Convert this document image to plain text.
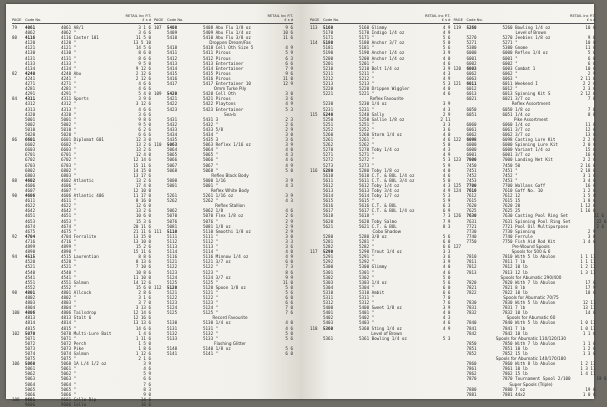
PAGE	Code No.
RETAIL Inc P.T.
£ s d
79	4061	4061 A8/1	3 1 6
4062	4062 "	3 6 6
80	4116	4116 Caster 101	11 5 0
4120	4120 "	13 5 10
4121	4121 "	14 5 6
4130	4130 "	8 6 0
4131	4131 "	8 6 6
4133	4133 "	9 5 0
4134	4134 "	9 12 6
82	4240	4240 Abu	2 12 6
4241	4241 "	2 12 6
4271	4271 "	4 6 6
4281	4281 "	4 6 6
4291	4291 "	5 4 0
84	4311	4311 Sports	3 9 6
4312	4312 "	3 12 6
4313	4313 "	4 6 6
4320	4320 "	3 6 6
5001	5001 "	9 8 6
5002	5002 "	9 5 0
5010	5010 "	6 2 6
5020	5020 "	6 6 6
86	6601	6601 Diplomat 601	12 3 0
6602	6602 "	13 2 6
6603	6603 "	13 2 6
6701	6701 "	12 4 0
6702	6702 "	12 14 6
6703	6703 "	15 11 6
6802	6802 "	14 15 0
6803	6803 "	13 17 6
88	4602	4602 Atlantic	13 2 6
4606	4606 "	17 4 0
4607	4607 "	12 10 0
90	4606	4606 Atlantic 406	11 17 0
4611	4611 "	8 16 0
4622	4622 "	12 6 0
4642	4642 "	13 2 6
4651	4651 "	10 6 0
4653	4653 "	15 3 6
4674	4674 "	20 11 6
4675	4675 "	21 11 6
92	4704	4704 Ferralite	13 15 0
4716	4716 "	13 10 0
4899	4899 "	15 2 6
4890	4890 "	15 11 6
94	4515	4515 Laurentian	8 8 6
4520	4520 "	8 13 6
4521	4521 "	7 10 6
4540	4540 "	10 8 6
4541	4541 "	11 10 0
4551	4551 Salmon	14 12 6
4552	4552 "	15 6 0
98	4801	4801 Allcock	2 8 6
4802	4802 "	3 1 6
4803	4803 "	3 7 0
4804	4804 "	3 13 6
100	4806	4806 Tailsdrop	12 14 6
4813	4813 Stalt 6	12 16 6
4814	4814 "	13 13 6
4815	4815 "	14 6 6
102	5070	5070 Multi-Lure Bait	1 4 6
5071	5071 "	1 11 6
5072	5072 Perch	1 5 0
5073	5073 Pike	1 8 6
5074	5074 Salmon	1 12 6
5075	5075 "	2 1 6
106	5060	5060 1A L/4 1/2 oz	3 9
5061	5061 "	4 6
5062	5062 "	5 9
5063	5063 "	6 6
5064	5064 "	7 6
5065	5065 "	8 3
5066	5066 "	9 0
108	9601	9601 Cello Dip	14 6
9606	9606 Cello	16 6
PAGE	Code No.
RETAIL Inc P.T.
£ s d
107	5408	5408 Abu Flu 1/8 oz	9 6
5409	5409 Abu Flu 1/4 oz	10 6
5410	5410 Abu Flu 3/8 oz	11 6
Droppen Dream/Fas
5418	5418 Cell Oth Size 5	4 9
5411	5411 Pirous	5 9
5412	5412 Pirous	6 3
5413	5413 Entertainer	6 6
5414	5414 Entertainer	7 9
5415	5415 Pirous	9 6
5416	5416 Pirous	11 0
5417	5417 Entertainer 10	12 9
Omm Turke Pily
109	5420	5420 Cell Oth	3 0
5421	5421 Pirous	3 6
5422	5422 Playtons	4 9
5423	5423 Entertainer	5 3
Sea-b
5431	5431 3	2 3
5432	5432 "	2 6
5433	5433 5/8	2 9
5434	5434 "	3 0
5435	5435 3	3 6
110	5063	5063 Reflex 1/16 oz	3 9
5064	5064 "	4 0
5065	5065 "	4 3
5066	5066 "	4 6
5067	5067 "	4 9
5068	5068 "	5 0
Reflex Black Body
5000	5000 1/16	3 9
5001	5001 "	4 3
Reflex White Body
5261	5261 1/16 oz	3 9
5262	5262 "	4 3
Reflex Stallion
5062	5062 1/8	4 6
5070	5070 Flex 1/8 oz	2 6
5076	5076 "	2 9
5081	5081 1/8 oz	2 9
111	5110	5110 Smoothi 1/8 oz	2 9
5111	5111 "	3 0
5112	5112 "	3 3
5113	5113 "	3 6
5114	5114 "	4 0
5116	5116 Minnow 1/4 oz	4 9
5121	5121 3/7 oz	6 0
5122	5122 "	7 3
5123	5123 "	8 6
5124	5124 3/7 oz	9 9
5125	5125 "	11 0
112	5120	5120 Spoon 1/8 oz	5 0
5121	5121 "	5 6
5122	5122 "	6 0
5123	5123 "	6 6
5124	5124 "	7 0
5125	5125 "	7 6
Record Favourite
5130	5130 1/4 oz	4 0
5131	5131 "	4 6
5132	5132 "	5 0
5133	5133 "	5 6
Flashing Glitter
5140	5140 1/8 oz	5 6
5141	5141 "	6 0
PAGE	Code No.
RETAIL Inc P.T.
£ s d
113	5160	5160 Glimmy	4 9
5170	5170 Indigo 1/4 oz	4 9
5171	5171 "	5 6
114	5180	5180 Anchor 3/7 oz	5 0
5181	5181 "	5 6
5190	5190 Anchor 1/4 oz	3 9
5200	5200 Anchor 1/4 oz	4 0
5201	5201 "	4 6
5210	5210 Bolt 1/4 oz	3 9
5211	5211 "	4 3
5212	5212 "	4 9
5213	5213 "	5 3
5220	5220 Drippen Wiggler	4 0
5221	5221 "	4 6
Reflex Favourite
5230	5230 1/4 oz	3 9
5231	5231 "	4 3
115	5240	5240 Sally	2 9
5250	5250 Sallie 1/8 oz	2 11
5251	5251 "	3 3
5252	5252 "	3 6
5260	5260 Storm 1/4 oz	4 0
5261	5261 "	4 6
5262	5262 "	5 0
5270	5270 Toby 1/4 oz	4 3
5271	5271 "	4 9
5272	5272 "	5 3
5273	5273 "	5 9
116	5280	5280 Toby 1/8 oz	4 0
5610	5610 C.T. & BOL 1/4 oz	4 6
5611	5611 C.T. & BOL 3/4 oz	5 0
5612	5612 Toby 1/4 oz	4 3
5613	5613 Toby 3/4 oz	4 9
5614	5614 Toby 1/7 oz	5 3
5615	5615 "	5 9
5616	5616 C.T. & BOL	6 3
5617	5617 C.T. & BOL 1/4 oz	6 9
5618	5618 "	7 3
5620	5620 Toby Salmo	7 9
5621	5621 C.T. & BOL	8 3
Cobo Shadow
5280	5280 3/8 oz	5 6
5281	5281 "	6 0
5282	5282 "	6 6
117	5290	5290 Trout 1/4 oz	3 3
5291	5291 "	3 6
5292	5292 "	3 9
5300	5300 Glimmy	4 0
5301	5301 "	4 6
5302	5302 "	5 0
5303	5303 1/4 oz	5 6
5304	5304 "	6 0
5310	5310 Ambit	6 6
5311	5311 "	7 0
5312	5312 "	7 6
5400	5400 Sweet 1/8 oz	3 9
5401	5401 "	4 0
5402	5402 "	4 3
5403	5403 "	4 6
118	5360	5360 Sting 1/4 oz	4 9
Level of Brown
5361	5361 Bowling 1/4 oz	5 3
PAGE	Code No.
RETAIL Inc P.T.
£ s d
119	5260	5260 Bowling 1/4 oz	10 6
Level of Brown
5270	5270 Jeebies 1/8 oz	9 6
5271	5271 "	10 0
5380	5380 Gnome	11 6
6000	6000 Reflex 1/4 oz	5 6
6001	6001 "	6 0
6002	6002 "	6 6
120	6003	6003 Combat 1	10 6
6062	6062 "	2 9
6063	6063 "	2 11 6
121	6011	6011 Weekend I	2 2 6
6012	6012 "	2 3 6
6013	6013 Spinning Kit S	2 12 6
6021	6021 3/7 oz	7 6
Reflex Assortment
6050	6050 1/8 oz	7 6
6051	6051 1/4 oz	8 6
Pike Assortment
6060	6060 1/4 oz	11 6
6061	6061 3/7 oz	12 6
6062	6062 3/7 oz	13 6
122	6098	6098 Casting Lure Kit	2 2 6
6000	6000 Spinning Lure Kit	2 0 0
6000	6000 Variant 1/4 oz	15 6
6001	6001 3/7 oz	16 6
123	7000	7000 Landing Net Kit	2 2 6
7450	7450 50	2 16 6
7451	7451 "	2 18 6
7452	7452 "	3 1 6
7453	7453 "	3 4 6
125	7700	7700 Wallans Gaff	16 6
124	7610	7610 Gaff No. 10	1 2 6
7612	7612 12	1 5 0
7615	7615 15	1 8 6
7620	7620 20	1 12 6
7625	7625 25	1 16 6
126	7630	7630 Casting Pool Ring Set	21 6
7631	7631 Spinning Pool Ring Set	22 6
7721	7721 Pool Oil Multipurpose	2 6
7730	7730 Spinning	2 9
7740	7740 Ferrule	3 0
7750	7750 Fish Aid Rod Kit	1 4 6
127	Pre-Wound Spools
Spools for 500 & 6
7810	7810 With 5 lb Abulon	1 1 11
7811	7811 7 lb	1 1 11
7812	7812 10 lb	1 2 11
7813	7813 12 lb	1 3 11
Spools for Abumatic 290/400
7820	7820 With 7 lb Abulon	17 6
7821	7821 8 lb	17 9
7822	7822 10 lb	18 6
Spools for Abumatic 70/75
7830	7830 With 5 lb Abulon	12 11
7831	7831 7 lb	13 11
7832	7832 10 lb	14 6
Spools for Abumatic 60
7840	7840 With 5 lb Abulon	1 0 11
7841	7841 7 lb	1 0 11
7842	7842 10 lb	1 1 6
Spools for Abumatic 110/120/130
7850	7850 With 7 lb Abulon	1 1 6
7851	7851 10 lb	1 2 6
7852	7852 15 lb	1 3 6
Spools for Abumatic 140/170/180
7860	7860 With 8 lb Abulon	1 2 11
7861	7861 10 lb	1 3 11
7862	7862 15 lb	1 4 11
7870	7870 Tournament Spool 2/100	19 6
Super Spools (Triple)
7880	7880 7 oz	19 6
7881	7881 44x2	1 0 6
